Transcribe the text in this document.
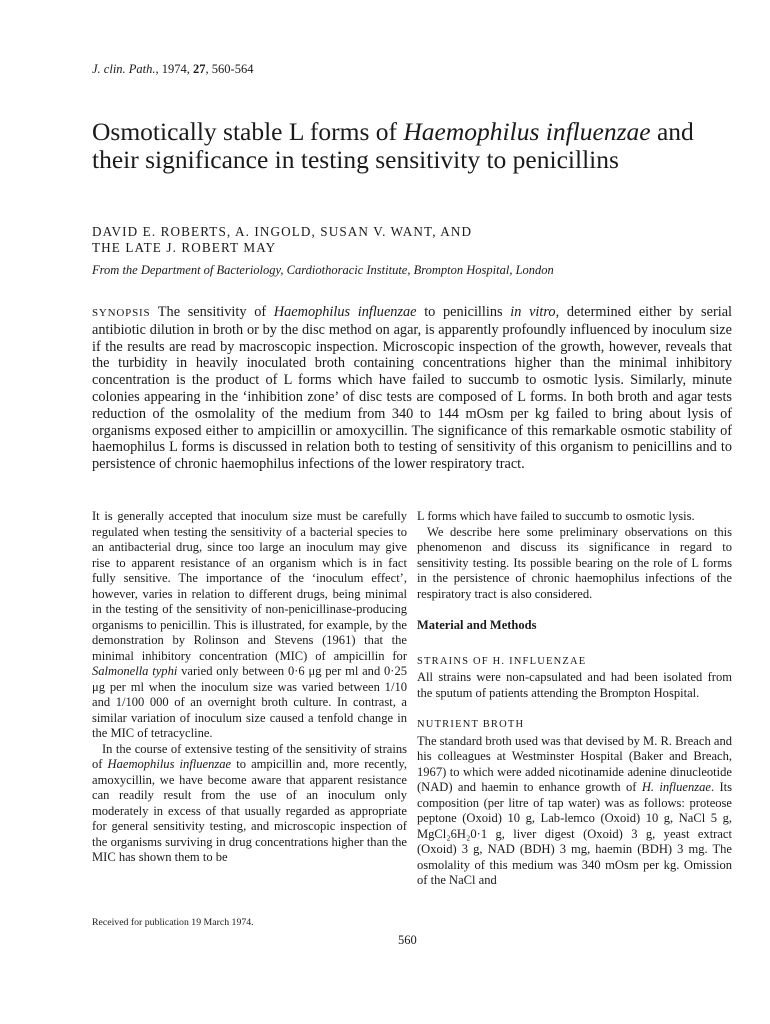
J. clin. Path., 1974, 27, 560-564
Osmotically stable L forms of Haemophilus influenzae and their significance in testing sensitivity to penicillins

DAVID E. ROBERTS, A. INGOLD, SUSAN V. WANT, AND
THE LATE J. ROBERT MAY

From the Department of Bacteriology, Cardiothoracic Institute, Brompton Hospital, London

SYNOPSIS The sensitivity of Haemophilus influenzae to penicillins in vitro, determined either by serial antibiotic dilution in broth or by the disc method on agar, is apparently profoundly influenced by inoculum size if the results are read by macroscopic inspection. Microscopic inspection of the growth, however, reveals that the turbidity in heavily inoculated broth containing concentrations higher than the minimal inhibitory concentration is the product of L forms which have failed to succumb to osmotic lysis. Similarly, minute colonies appearing in the ‘inhibition zone’ of disc tests are composed of L forms. In both broth and agar tests reduction of the osmolality of the medium from 340 to 144 mOsm per kg failed to bring about lysis of organisms exposed either to ampicillin or amoxycillin. The significance of this remarkable osmotic stability of haemophilus L forms is discussed in relation both to testing of sensitivity of this organism to penicillins and to persistence of chronic haemophilus infections of the lower respiratory tract.

It is generally accepted that inoculum size must be carefully regulated when testing the sensitivity of a bacterial species to an antibacterial drug, since too large an inoculum may give rise to apparent resistance of an organism which is in fact fully sensitive. The importance of the ‘inoculum effect’, however, varies in relation to different drugs, being minimal in the testing of the sensitivity of non-penicillinase-producing organisms to penicillin. This is illustrated, for example, by the demonstration by Rolinson and Stevens (1961) that the minimal inhibitory concentration (MIC) of ampicillin for Salmonella typhi varied only between 0·6 μg per ml and 0·25 μg per ml when the inoculum size was varied between 1/10 and 1/100 000 of an overnight broth culture. In contrast, a similar variation of inoculum size caused a tenfold change in the MIC of tetracycline.

In the course of extensive testing of the sensitivity of strains of Haemophilus influenzae to ampicillin and, more recently, amoxycillin, we have become aware that apparent resistance can readily result from the use of an inoculum only moderately in excess of that usually regarded as appropriate for general sensitivity testing, and microscopic inspection of the organisms surviving in drug concentrations higher than the MIC has shown them to be

L forms which have failed to succumb to osmotic lysis.

We describe here some preliminary observations on this phenomenon and discuss its significance in regard to sensitivity testing. Its possible bearing on the role of L forms in the persistence of chronic haemophilus infections of the respiratory tract is also considered.

Material and Methods

STRAINS OF H. INFLUENZAE

All strains were non-capsulated and had been isolated from the sputum of patients attending the Brompton Hospital.

NUTRIENT BROTH

The standard broth used was that devised by M. R. Breach and his colleagues at Westminster Hospital (Baker and Breach, 1967) to which were added nicotinamide adenine dinucleotide (NAD) and haemin to enhance growth of H. influenzae. Its composition (per litre of tap water) was as follows: proteose peptone (Oxoid) 10 g, Lab-lemco (Oxoid) 10 g, NaCl 5 g, MgCl₂6H₂0·1 g, liver digest (Oxoid) 3 g, yeast extract (Oxoid) 3 g, NAD (BDH) 3 mg, haemin (BDH) 3 mg. The osmolality of this medium was 340 mOsm per kg. Omission of the NaCl and

Received for publication 19 March 1974.
560
